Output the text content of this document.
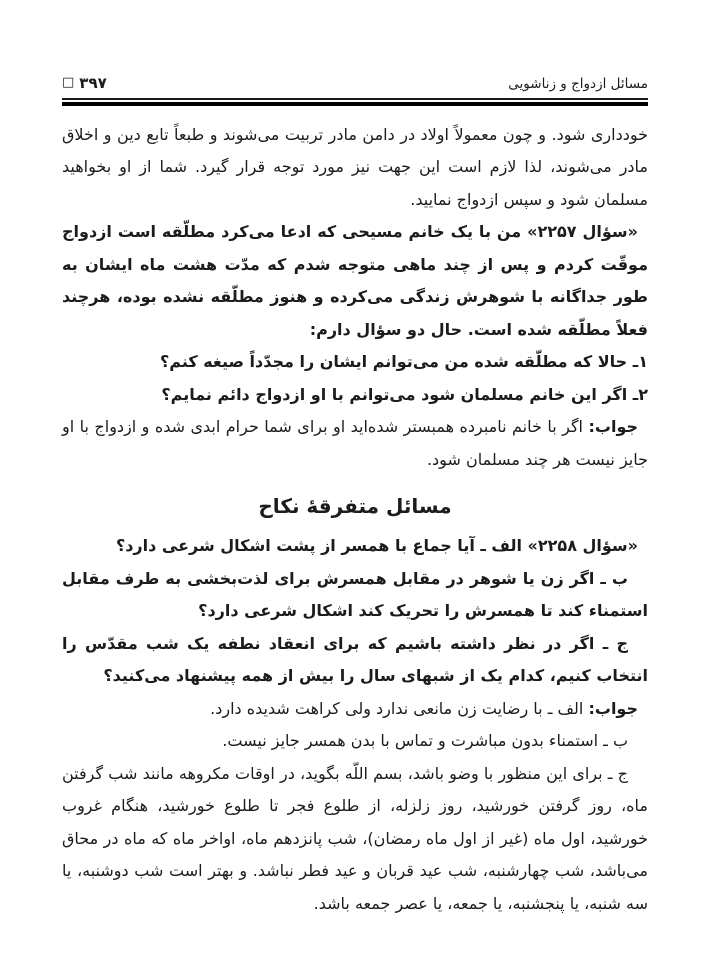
مسائل ازدواج و زناشویی
□ ۳۹۷

خودداری شود. و چون معمولاً اولاد در دامن مادر تربیت می‌شوند و طبعاً تابع دین و اخلاق مادر می‌شوند، لذا لازم است این جهت نیز مورد توجه قرار گیرد. شما از او بخواهید مسلمان شود و سپس ازدواج نمایید.

«سؤال ۲۲۵۷» من با یک خانم مسیحی که ادعا می‌کرد مطلّقه است ازدواج موقّت کردم و پس از چند ماهی متوجه شدم که مدّت هشت ماه ایشان به طور جداگانه با شوهرش زندگی می‌کرده و هنوز مطلّقه نشده بوده، هرچند فعلاً مطلّقه شده است. حال دو سؤال دارم:

۱ـ حالا که مطلّقه شده من می‌توانم ایشان را مجدّداً صیغه کنم؟

۲ـ اگر این خانم مسلمان شود می‌توانم با او ازدواج دائم نمایم؟

جواب: اگر با خانم نامبرده همبستر شده‌اید او برای شما حرام ابدی شده و ازدواج با او جایز نیست هر چند مسلمان شود.

مسائل متفرقهٔ نکاح

«سؤال ۲۲۵۸» الف ـ آیا جماع با همسر از پشت اشکال شرعی دارد؟

ب ـ اگر زن یا شوهر در مقابل همسرش برای لذت‌بخشی به طرف مقابل استمناء کند تا همسرش را تحریک کند اشکال شرعی دارد؟

ج ـ اگر در نظر داشته باشیم که برای انعقاد نطفه یک شب مقدّس را انتخاب کنیم، کدام یک از شبهای سال را بیش از همه پیشنهاد می‌کنید؟

جواب: الف ـ با رضایت زن مانعی ندارد ولی کراهت شدیده دارد.

ب ـ استمناء بدون مباشرت و تماس با بدن همسر جایز نیست.

ج ـ برای این منظور با وضو باشد، بسم اللّه بگوید، در اوقات مکروهه مانند شب گرفتن ماه، روز گرفتن خورشید، روز زلزله، از طلوع فجر تا طلوع خورشید، هنگام غروب خورشید، اول ماه (غیر از اول ماه رمضان)، شب پانزدهم ماه، اواخر ماه که ماه در محاق می‌باشد، شب چهارشنبه، شب عید قربان و عید فطر نباشد. و بهتر است شب دوشنبه، یا سه شنبه، یا پنجشنبه، یا جمعه، یا عصر جمعه باشد.
